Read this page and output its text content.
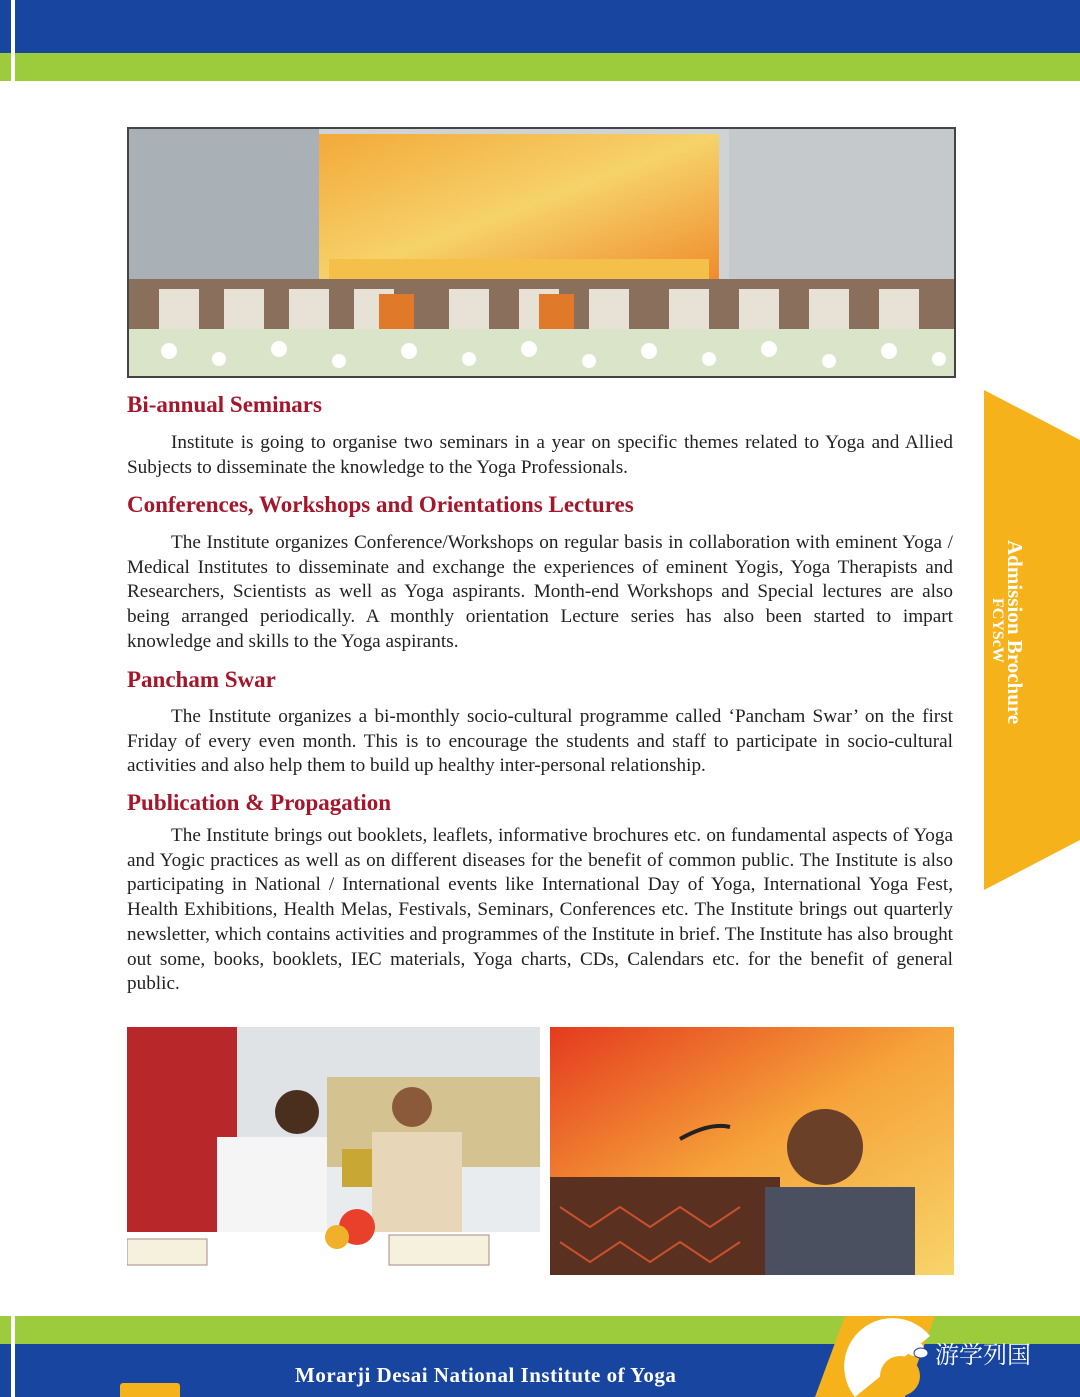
Bi-annual Seminars

Institute is going to organise two seminars in a year on specific themes related to Yoga and Allied Subjects to disseminate the knowledge to the Yoga Professionals.

Conferences, Workshops and Orientations Lectures

The Institute organizes Conference/Workshops on regular basis in collaboration with eminent Yoga / Medical Institutes to disseminate and exchange the experiences of eminent Yogis, Yoga Therapists and Researchers, Scientists as well as Yoga aspirants. Month-end Workshops and Special lectures are also being arranged periodically. A monthly orientation Lecture series has also been started to impart knowledge and skills to the Yoga aspirants.

Pancham Swar

The Institute organizes a bi-monthly socio-cultural programme called ‘Pancham Swar’ on the first Friday of every even month. This is to encourage the students and staff to participate in socio-cultural activities and also help them to build up healthy inter-personal relationship.

Publication & Propagation

The Institute brings out booklets, leaflets, informative brochures etc. on fundamental aspects of Yoga and Yogic practices as well as on different diseases for the benefit of common public. The Institute is also participating in National / International events like International Day of Yoga, International Yoga Fest, Health Exhibitions, Health Melas, Festivals, Seminars, Conferences etc. The Institute brings out quarterly newsletter, which contains activities and programmes of the Institute in brief. The Institute has also brought out some, books, booklets, IEC materials, Yoga charts, CDs, Calendars etc. for the benefit of general public.

Admission Brochure
FCYScW
Morarji Desai National Institute of Yoga
游学列国
